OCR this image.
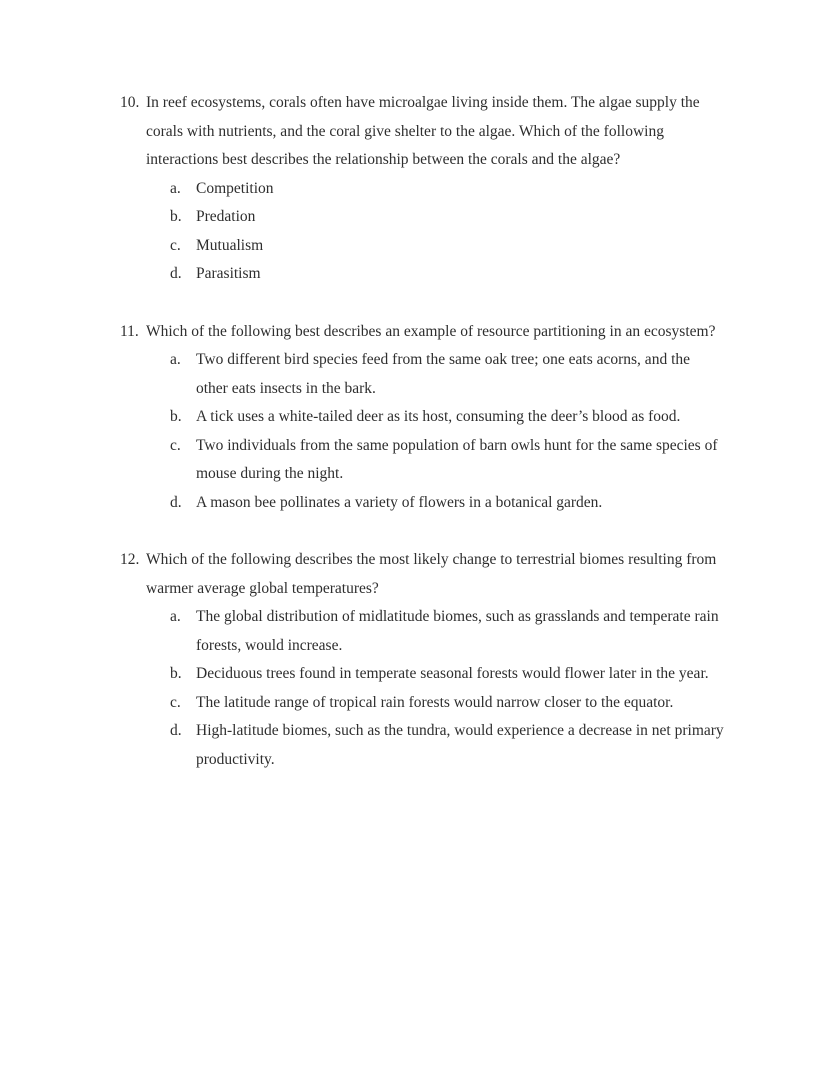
10. In reef ecosystems, corals often have microalgae living inside them. The algae supply the corals with nutrients, and the coral give shelter to the algae. Which of the following interactions best describes the relationship between the corals and the algae?
a. Competition
b. Predation
c. Mutualism
d. Parasitism
11. Which of the following best describes an example of resource partitioning in an ecosystem?
a. Two different bird species feed from the same oak tree; one eats acorns, and the other eats insects in the bark.
b. A tick uses a white-tailed deer as its host, consuming the deer’s blood as food.
c. Two individuals from the same population of barn owls hunt for the same species of mouse during the night.
d. A mason bee pollinates a variety of flowers in a botanical garden.
12. Which of the following describes the most likely change to terrestrial biomes resulting from warmer average global temperatures?
a. The global distribution of midlatitude biomes, such as grasslands and temperate rain forests, would increase.
b. Deciduous trees found in temperate seasonal forests would flower later in the year.
c. The latitude range of tropical rain forests would narrow closer to the equator.
d. High-latitude biomes, such as the tundra, would experience a decrease in net primary productivity.
